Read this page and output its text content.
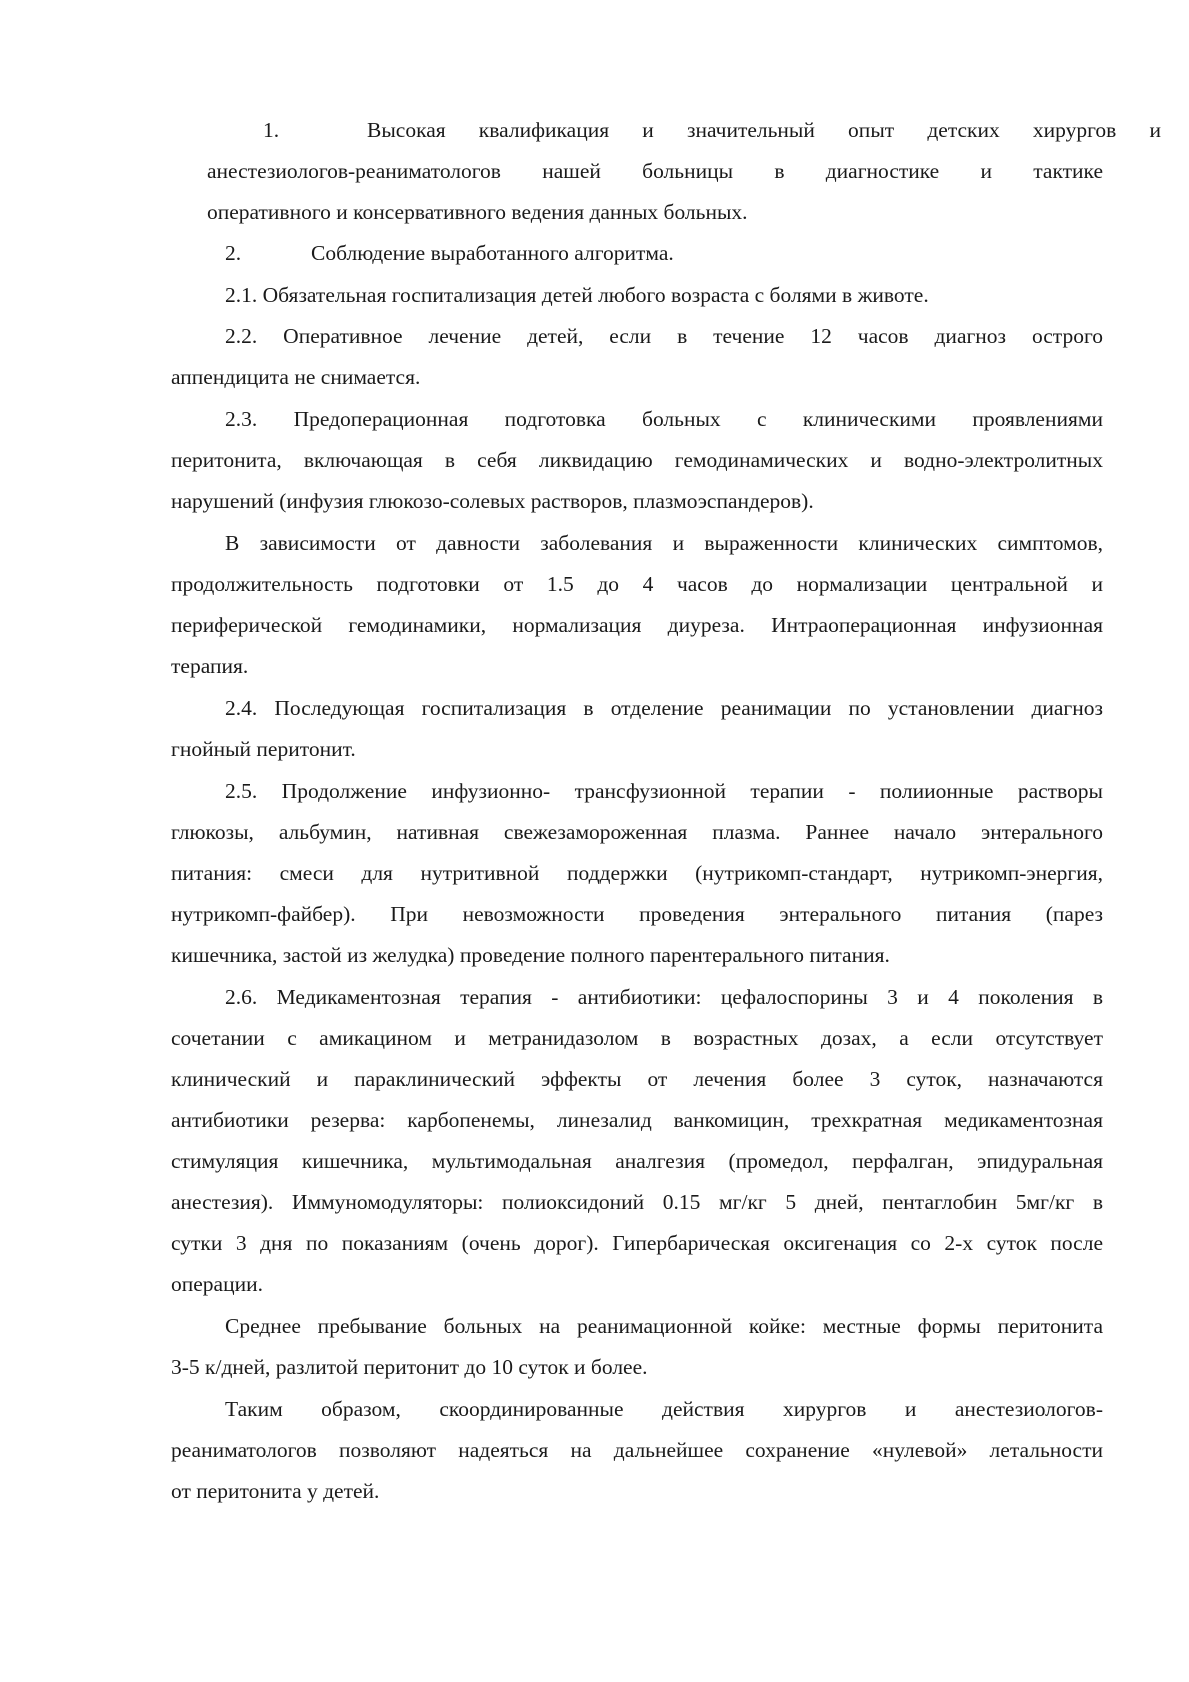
1.	Высокая квалификация и значительный опыт детских хирургов и
анестезиологов-реаниматологов нашей больницы в диагностике и тактике
оперативного и консервативного ведения данных больных.
2.	Соблюдение выработанного алгоритма.
2.1. Обязательная госпитализация детей любого возраста с болями в животе.
2.2. Оперативное лечение детей, если в течение 12 часов диагноз острого
аппендицита не снимается.
2.3. Предоперационная подготовка больных с клиническими проявлениями
перитонита, включающая в себя ликвидацию гемодинамических и водно-электролитных
нарушений (инфузия глюкозо-солевых растворов, плазмоэспандеров).
В зависимости от давности заболевания и выраженности клинических симптомов,
продолжительность подготовки от 1.5 до 4 часов до нормализации центральной и
периферической гемодинамики, нормализация диуреза. Интраоперационная инфузионная
терапия.
2.4. Последующая госпитализация в отделение реанимации по установлении диагноз
гнойный перитонит.
2.5. Продолжение инфузионно- трансфузионной терапии - полиионные растворы
глюкозы, альбумин, нативная свежезамороженная плазма. Раннее начало энтерального
питания: смеси для нутритивной поддержки (нутрикомп-стандарт, нутрикомп-энергия,
нутрикомп-файбер). При невозможности проведения энтерального питания (парез
кишечника, застой из желудка) проведение полного парентерального питания.
2.6. Медикаментозная терапия - антибиотики: цефалоспорины 3 и 4 поколения в
сочетании с амикацином и метранидазолом в возрастных дозах, а если отсутствует
клинический и параклинический эффекты от лечения более 3 суток, назначаются
антибиотики резерва: карбопенемы, линезалид ванкомицин, трехкратная медикаментозная
стимуляция кишечника, мультимодальная аналгезия (промедол, перфалган, эпидуральная
анестезия). Иммуномодуляторы: полиоксидоний 0.15 мг/кг 5 дней, пентаглобин 5мг/кг в
сутки 3 дня по показаниям (очень дорог). Гипербарическая оксигенация со 2-х суток после
операции.
Среднее пребывание больных на реанимационной койке: местные формы перитонита
3-5 к/дней, разлитой перитонит до 10 суток и более.
Таким образом, скоординированные действия хирургов и анестезиологов-
реаниматологов позволяют надеяться на дальнейшее сохранение «нулевой» летальности
от перитонита у детей.
